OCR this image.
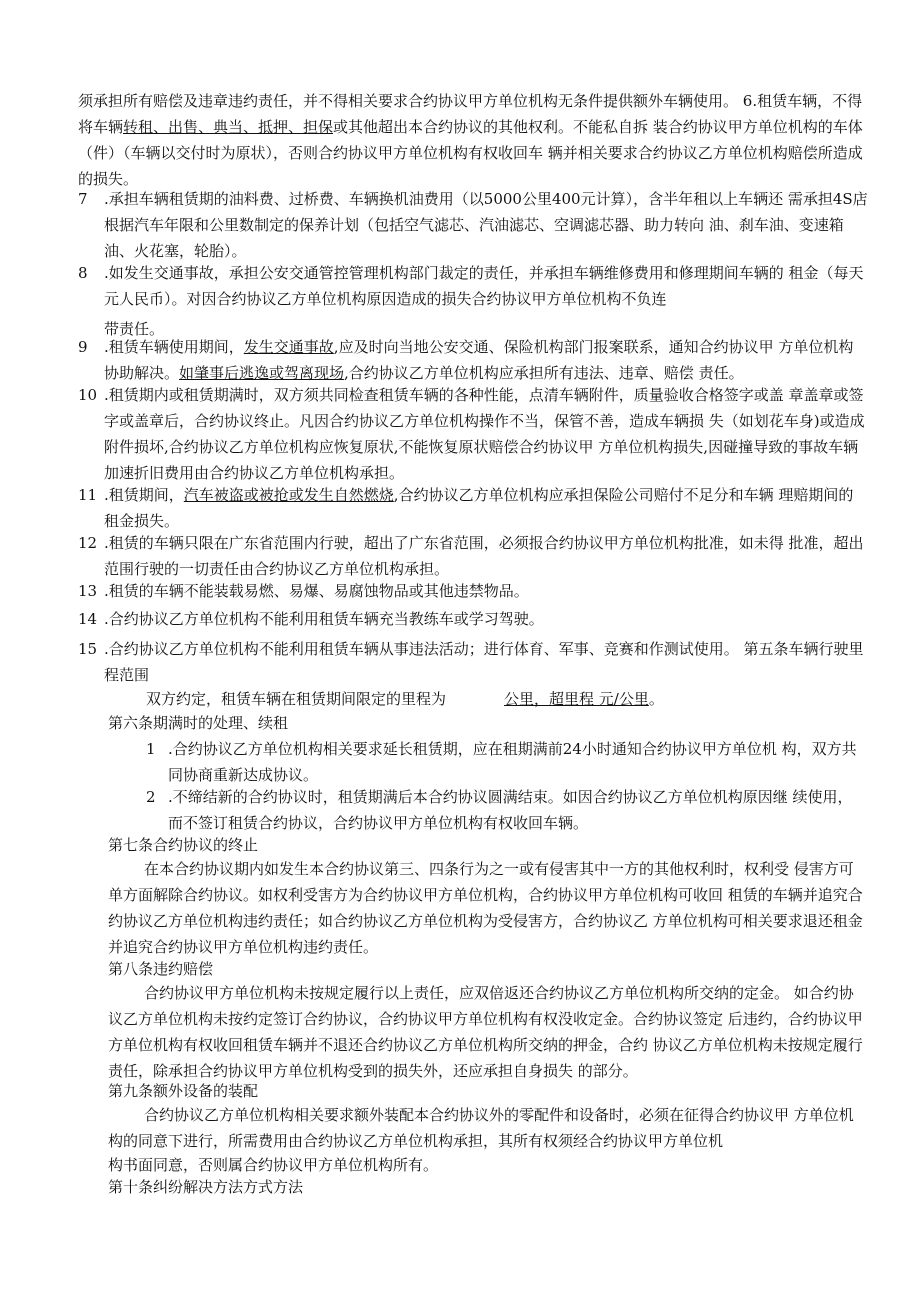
须承担所有赔偿及违章违约责任，并不得相关要求合约协议甲方单位机构无条件提供额外车辆使用。 6.租赁车辆，不得将车辆转租、出售、典当、抵押、担保或其他超出本合约协议的其他权利。不能私自拆 装合约协议甲方单位机构的车体（件）（车辆以交付时为原状），否则合约协议甲方单位机构有权收回车 辆并相关要求合约协议乙方单位机构赔偿所造成的损失。

7	.承担车辆租赁期的油料费、过桥费、车辆换机油费用（以5000公里400元计算），含半年租以上车辆还 需承担4S店根据汽车年限和公里数制定的保养计划（包括空气滤芯、汽油滤芯、空调滤芯器、助力转向 油、刹车油、变速箱油、火花塞，轮胎）。
8	.如发生交通事故，承担公安交通管控管理机构部门裁定的责任，并承担车辆维修费用和修理期间车辆的 租金（每天 元人民币）。对因合约协议乙方单位机构原因造成的损失合约协议甲方单位机构不负连
带责任。
9	.租赁车辆使用期间，发生交通事故,应及时向当地公安交通、保险机构部门报案联系，通知合约协议甲 方单位机构协助解决。如肇事后逃逸或驾离现场,合约协议乙方单位机构应承担所有违法、违章、赔偿 责任。
10 .租赁期内或租赁期满时，双方须共同检查租赁车辆的各种性能，点清车辆附件，质量验收合格签字或盖 章盖章或签字或盖章后，合约协议终止。凡因合约协议乙方单位机构操作不当，保管不善，造成车辆损 失（如划花车身)或造成附件损坏,合约协议乙方单位机构应恢复原状,不能恢复原状赔偿合约协议甲 方单位机构损失,因碰撞导致的事故车辆加速折旧费用由合约协议乙方单位机构承担。
11 .租赁期间，汽车被盗或被抢或发生自然燃烧,合约协议乙方单位机构应承担保险公司赔付不足分和车辆 理赔期间的租金损失。
12 .租赁的车辆只限在广东省范围内行驶，超出了广东省范围，必须报合约协议甲方单位机构批准，如未得 批准，超出范围行驶的一切责任由合约协议乙方单位机构承担。
13 .租赁的车辆不能装载易燃、易爆、易腐蚀物品或其他违禁物品。
14 .合约协议乙方单位机构不能利用租赁车辆充当教练车或学习驾驶。
15 .合约协议乙方单位机构不能利用租赁车辆从事违法活动；进行体育、军事、竞赛和作测试使用。 第五条车辆行驶里程范围

双方约定，租赁车辆在租赁期间限定的里程为	公里，超里程 元/公里。

第六条期满时的处理、续租

1 .合约协议乙方单位机构相关要求延长租赁期，应在租期满前24小时通知合约协议甲方单位机 构，双方共同协商重新达成协议。
2 .不缔结新的合约协议时，租赁期满后本合约协议圆满结束。如因合约协议乙方单位机构原因继 续使用，而不签订租赁合约协议，合约协议甲方单位机构有权收回车辆。

第七条合约协议的终止

在本合约协议期内如发生本合约协议第三、四条行为之一或有侵害其中一方的其他权利时，权利受 侵害方可单方面解除合约协议。如权利受害方为合约协议甲方单位机构，合约协议甲方单位机构可收回 租赁的车辆并追究合约协议乙方单位机构违约责任；如合约协议乙方单位机构为受侵害方，合约协议乙 方单位机构可相关要求退还租金并追究合约协议甲方单位机构违约责任。

第八条违约赔偿

合约协议甲方单位机构未按规定履行以上责任，应双倍返还合约协议乙方单位机构所交纳的定金。 如合约协议乙方单位机构未按约定签订合约协议，合约协议甲方单位机构有权没收定金。合约协议签定 后违约，合约协议甲方单位机构有权收回租赁车辆并不退还合约协议乙方单位机构所交纳的押金，合约 协议乙方单位机构未按规定履行责任，除承担合约协议甲方单位机构受到的损失外，还应承担自身损失 的部分。

第九条额外设备的装配

合约协议乙方单位机构相关要求额外装配本合约协议外的零配件和设备时，必须在征得合约协议甲 方单位机构的同意下进行，所需费用由合约协议乙方单位机构承担，其所有权须经合约协议甲方单位机

构书面同意，否则属合约协议甲方单位机构所有。

第十条纠纷解决方法方式方法
